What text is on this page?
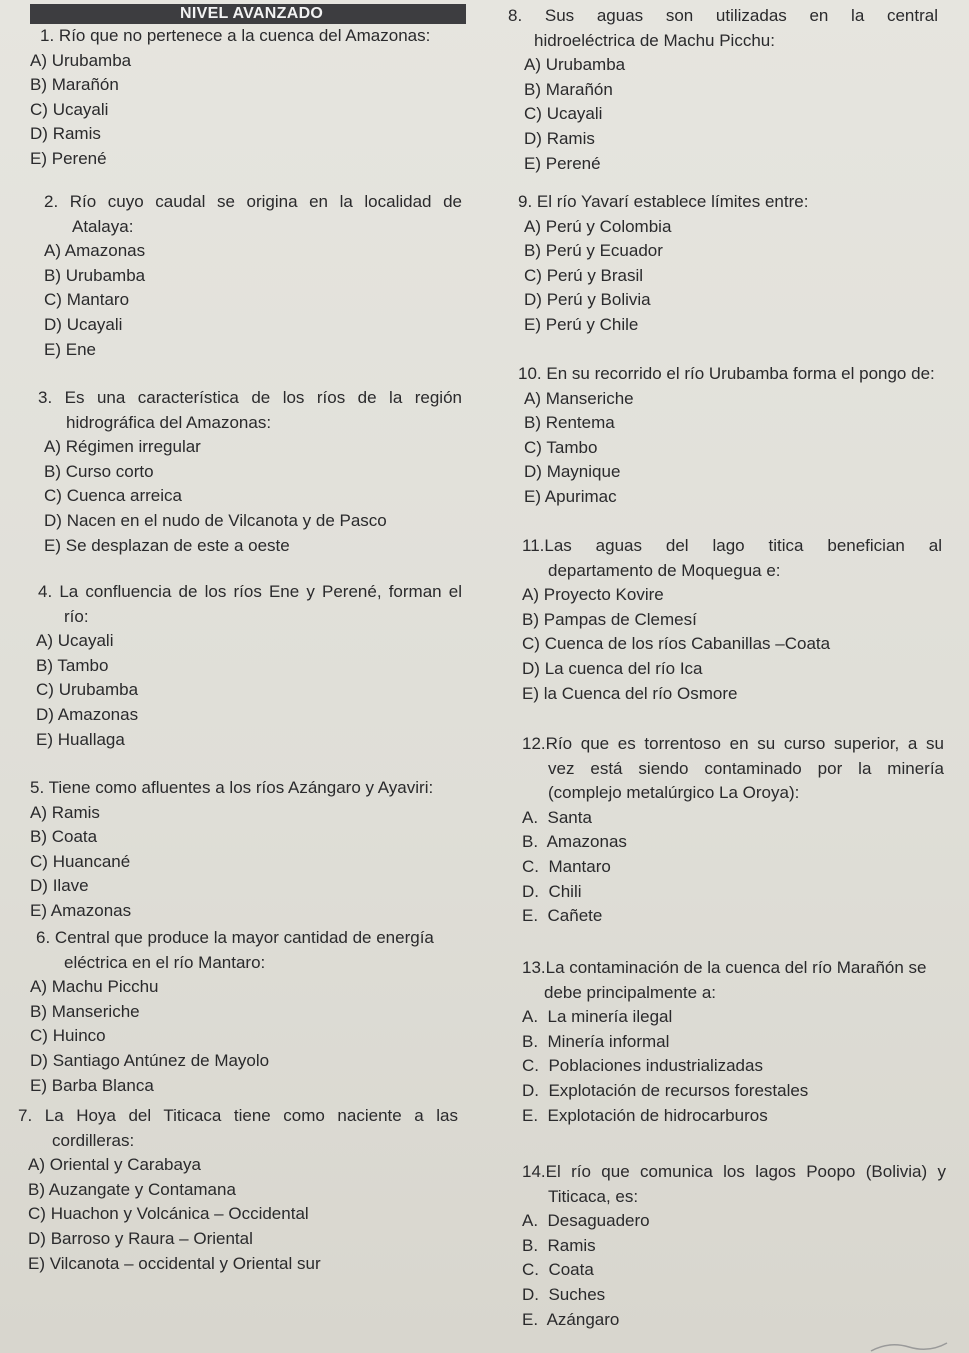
NIVEL AVANZADO
1. Río que no pertenece a la cuenca del Amazonas:
A) Urubamba
B) Marañón
C) Ucayali
D) Ramis
E) Perené
2. Río cuyo caudal se origina en la localidad de
Atalaya:
A) Amazonas
B) Urubamba
C) Mantaro
D) Ucayali
E) Ene
3. Es una característica de los ríos de la región
hidrográfica del Amazonas:
A) Régimen irregular
B) Curso corto
C) Cuenca arreica
D) Nacen en el nudo de Vilcanota y de Pasco
E) Se desplazan de este a oeste
4. La confluencia de los ríos Ene y Perené, forman el
río:
A) Ucayali
B) Tambo
C) Urubamba
D) Amazonas
E) Huallaga
5. Tiene como afluentes a los ríos Azángaro y Ayaviri:
A) Ramis
B) Coata
C) Huancané
D) Ilave
E) Amazonas
6. Central que produce la mayor cantidad de energía
eléctrica en el río Mantaro:
A) Machu Picchu
B) Manseriche
C) Huinco
D) Santiago Antúnez de Mayolo
E) Barba Blanca
7. La Hoya del Titicaca tiene como naciente a las
cordilleras:
A) Oriental y Carabaya
B) Auzangate y Contamana
C) Huachon y Volcánica – Occidental
D) Barroso y Raura – Oriental
E) Vilcanota – occidental y Oriental sur
8. Sus aguas son utilizadas en la central
hidroeléctrica de Machu Picchu:
A) Urubamba
B) Marañón
C) Ucayali
D) Ramis
E) Perené
9. El río Yavarí establece límites entre:
A) Perú y Colombia
B) Perú y Ecuador
C) Perú y Brasil
D) Perú y Bolivia
E) Perú y Chile
10. En su recorrido el río Urubamba forma el pongo de:
A) Manseriche
B) Rentema
C) Tambo
D) Maynique
E) Apurimac
11.Las aguas del lago titica benefician al
departamento de Moquegua e:
A) Proyecto Kovire
B) Pampas de Clemesí
C) Cuenca de los ríos Cabanillas –Coata
D) La cuenca del río Ica
E) la Cuenca del río Osmore
12.Río que es torrentoso en su curso superior, a su
vez está siendo contaminado por la minería
(complejo metalúrgico La Oroya):
A. Santa
B. Amazonas
C. Mantaro
D. Chili
E. Cañete
13.La contaminación de la cuenca del río Marañón se
debe principalmente a:
A. La minería ilegal
B. Minería informal
C. Poblaciones industrializadas
D. Explotación de recursos forestales
E. Explotación de hidrocarburos
14.El río que comunica los lagos Poopo (Bolivia) y
Titicaca, es:
A. Desaguadero
B. Ramis
C. Coata
D. Suches
E. Azángaro
